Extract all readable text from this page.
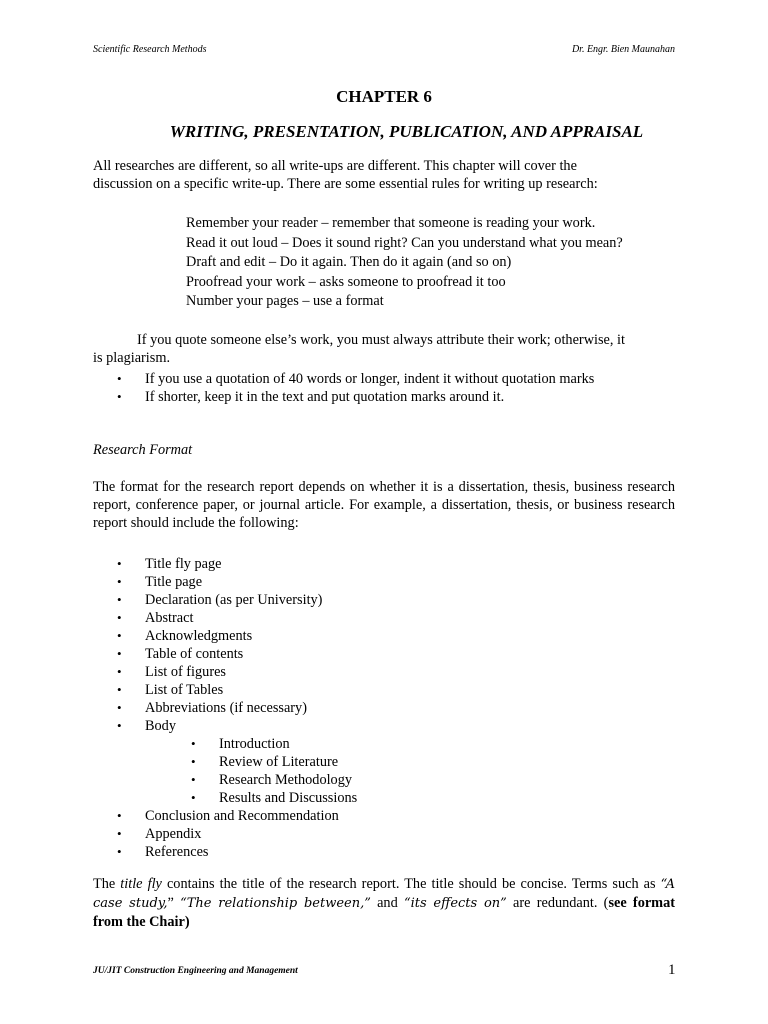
Scientific Research Methods	Dr. Engr. Bien Maunahan
CHAPTER 6
WRITING, PRESENTATION, PUBLICATION, AND APPRAISAL
All researches are different, so all write-ups are different. This chapter will cover the
discussion on a specific write-up. There are some essential rules for writing up research:
Remember your reader – remember that someone is reading your work.
Read it out loud – Does it sound right? Can you understand what you mean?
Draft and edit – Do it again. Then do it again (and so on)
Proofread your work – asks someone to proofread it too
Number your pages – use a format
If you quote someone else’s work, you must always attribute their work; otherwise, it
is plagiarism.
• If you use a quotation of 40 words or longer, indent it without quotation marks
• If shorter, keep it in the text and put quotation marks around it.
Research Format

The format for the research report depends on whether it is a dissertation, thesis, business research report, conference paper, or journal article. For example, a dissertation, thesis, or business research report should include the following:

• Title fly page
• Title page
• Declaration (as per University)
• Abstract
• Acknowledgments
• Table of contents
• List of figures
• List of Tables
• Abbreviations (if necessary)
• Body
• Introduction
• Review of Literature
• Research Methodology
• Results and Discussions
• Conclusion and Recommendation
• Appendix
• References

The title fly contains the title of the research report. The title should be concise. Terms such as “A case study,” “The relationship between,” and “its effects on” are redundant. (see format from the Chair)

JU/JIT Construction Engineering and Management	1
